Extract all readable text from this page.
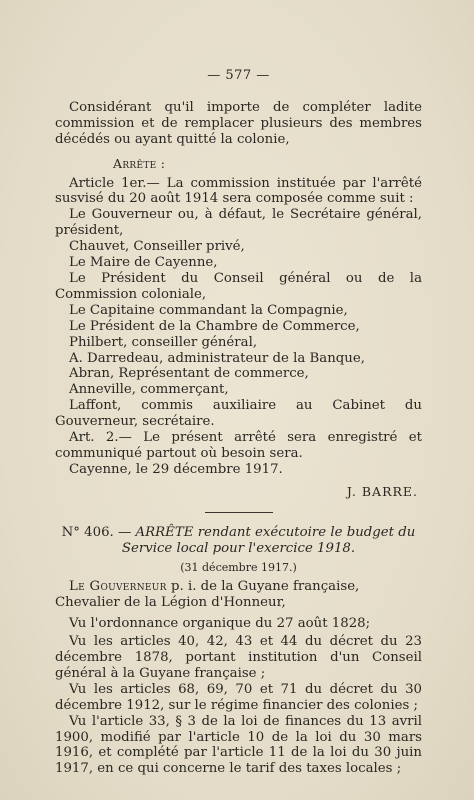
— 577 —

Considérant qu'il importe de compléter ladite commission et de remplacer plusieurs des membres décédés ou ayant quitté la colonie,

Arrête :

Article 1er.— La commission instituée par l'arrêté susvisé du 20 août 1914 sera composée comme suit :

Le Gouverneur ou, à défaut, le Secrétaire général, président,

Chauvet, Conseiller privé,

Le Maire de Cayenne,

Le Président du Conseil général ou de la Commission coloniale,

Le Capitaine commandant la Compagnie,

Le Président de la Chambre de Commerce,

Philbert, conseiller général,

A. Darredeau, administrateur de la Banque,

Abran, Représentant de commerce,

Anneville, commerçant,

Laffont, commis auxiliaire au Cabinet du Gouverneur, secrétaire.

Art. 2.— Le présent arrêté sera enregistré et communiqué partout où besoin sera.

Cayenne, le 29 décembre 1917.

J. BARRE.

N° 406. — ARRÊTE rendant exécutoire le budget du Service local pour l'exercice 1918.

(31 décembre 1917.)

Le Gouverneur p. i. de la Guyane française,

Chevalier de la Légion d'Honneur,

Vu l'ordonnance organique du 27 août 1828;

Vu les articles 40, 42, 43 et 44 du décret du 23 décembre 1878, portant institution d'un Conseil général à la Guyane française ;

Vu les articles 68, 69, 70 et 71 du décret du 30 décembre 1912, sur le régime financier des colonies ;

Vu l'article 33, § 3 de la loi de finances du 13 avril 1900, modifié par l'article 10 de la loi du 30 mars 1916, et complété par l'article 11 de la loi du 30 juin 1917, en ce qui concerne le tarif des taxes locales ;
